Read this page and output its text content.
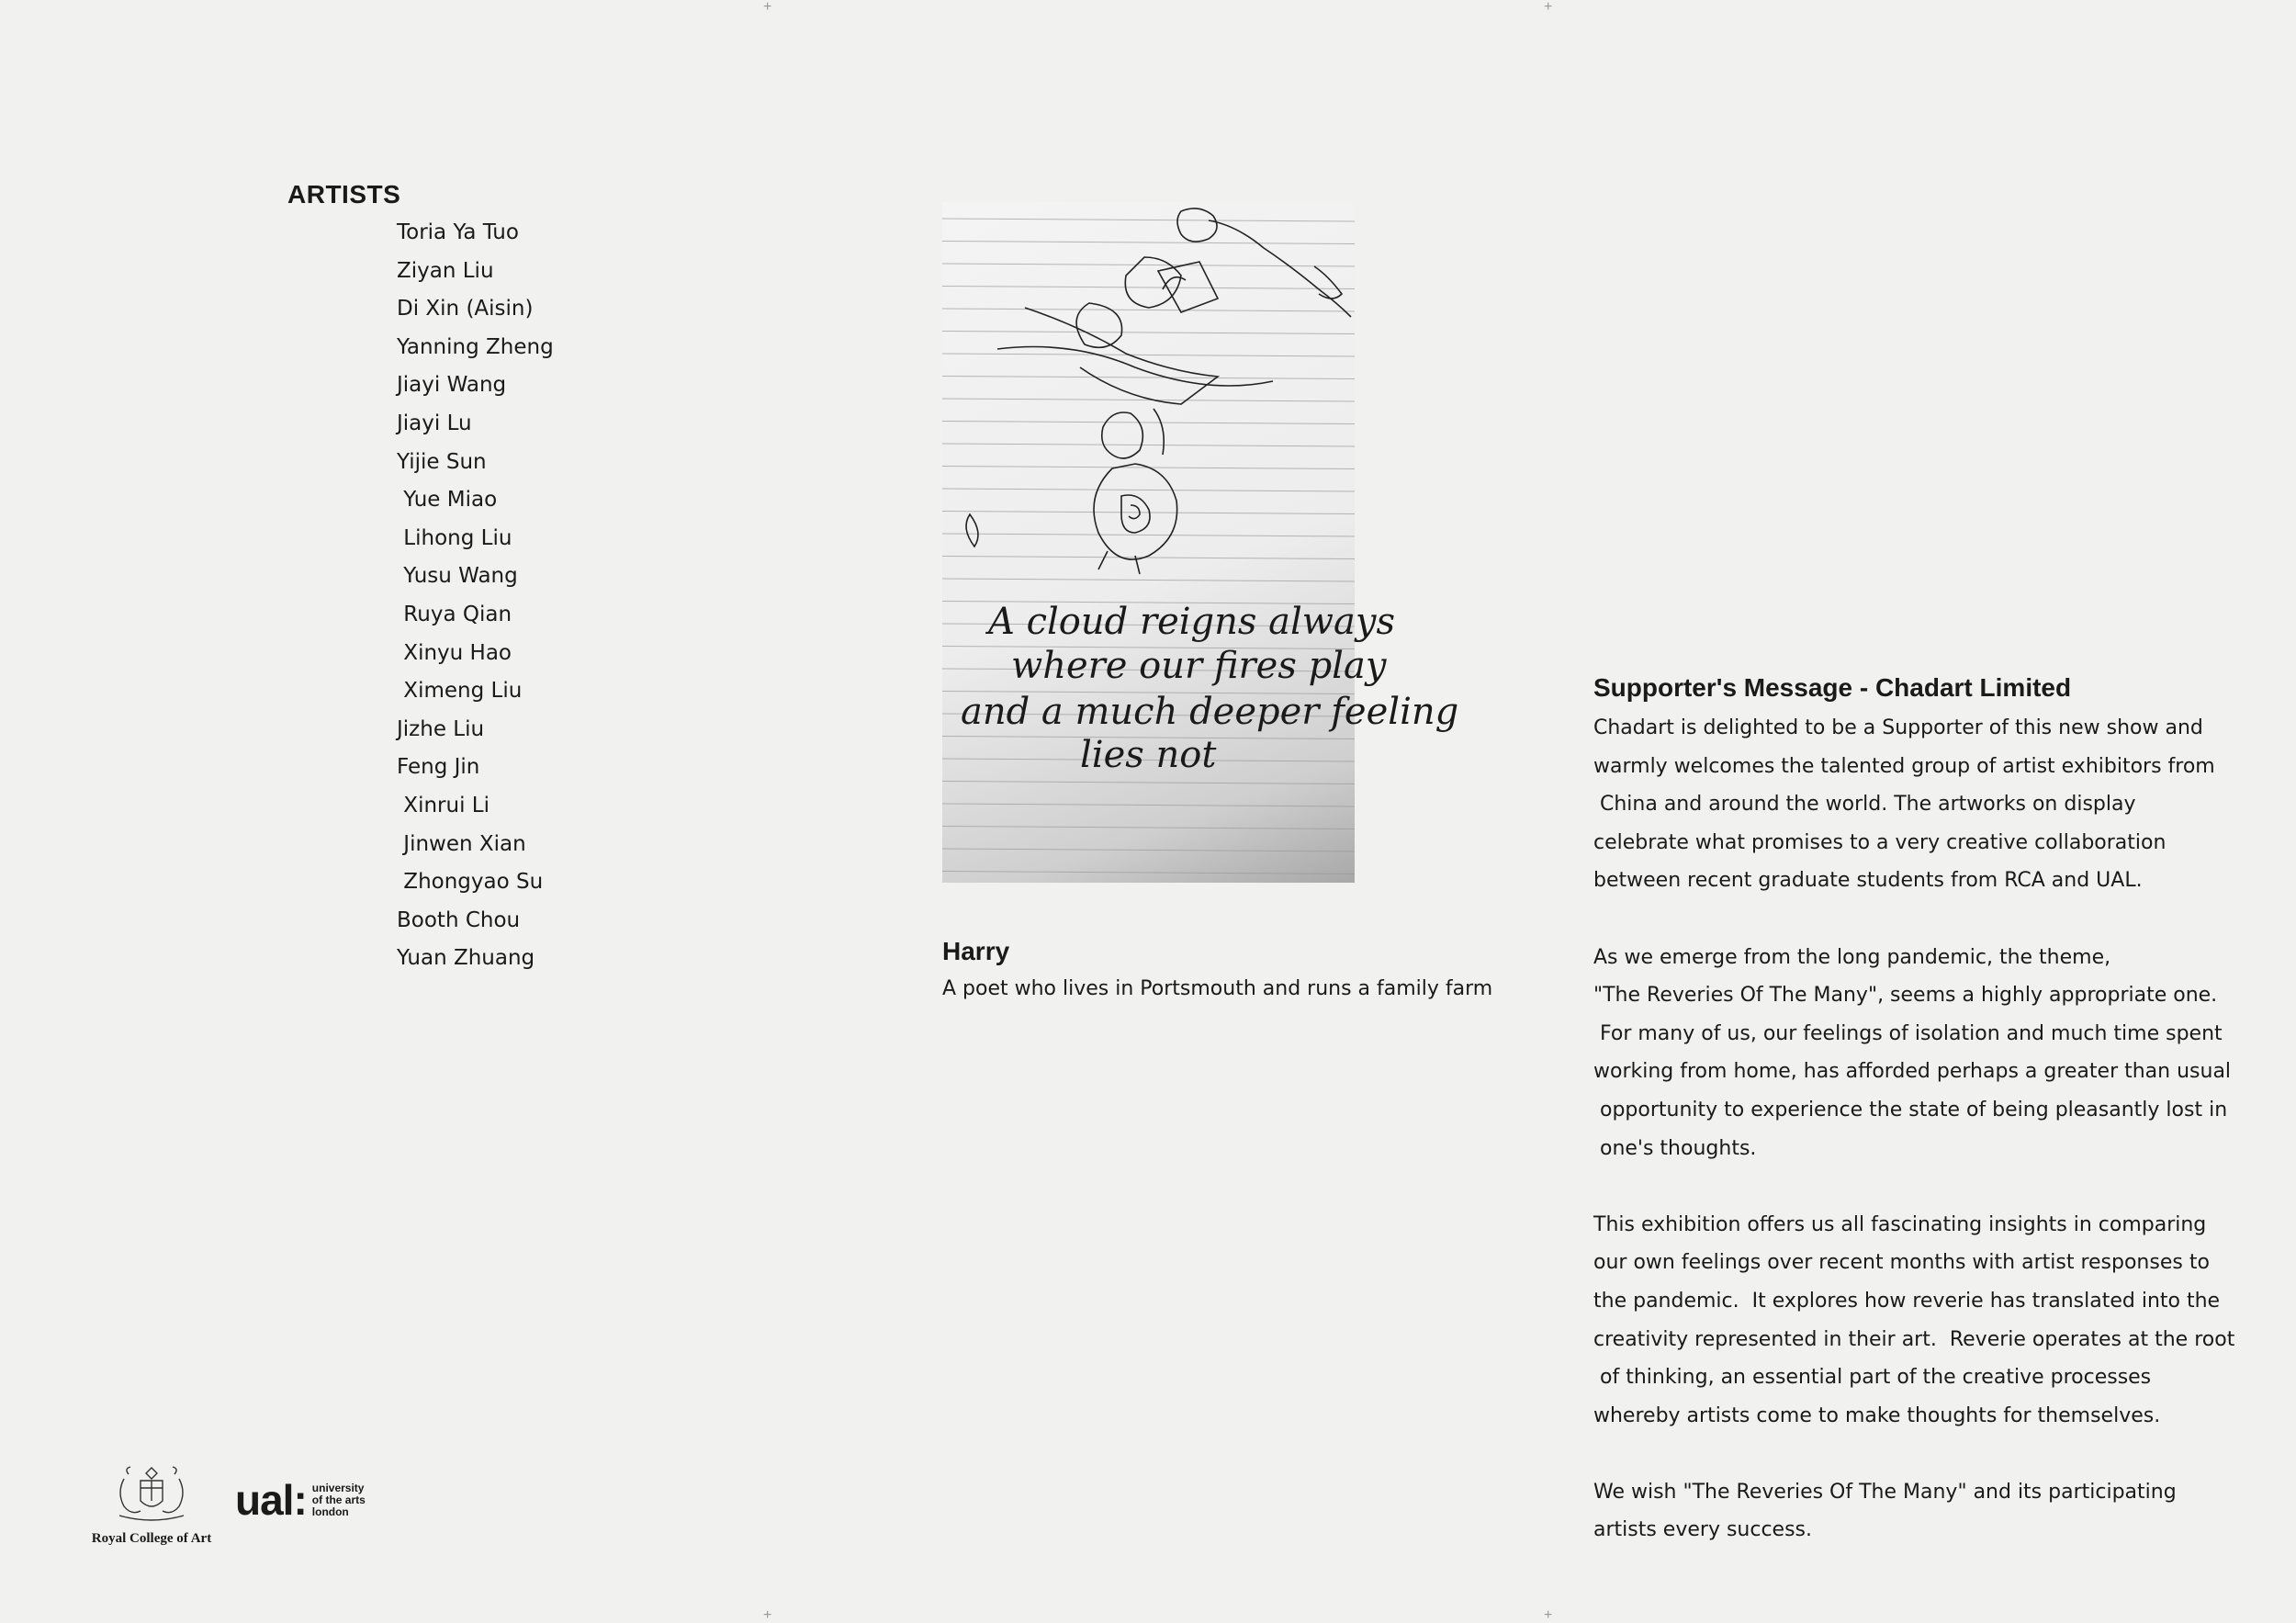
+	+
+	+
ARTISTS
Toria Ya Tuo
Ziyan Liu
Di Xin (Aisin)
Yanning Zheng
Jiayi Wang
Jiayi Lu
Yijie Sun
Yue Miao
Lihong Liu
Yusu Wang
Ruya Qian
Xinyu Hao
Ximeng Liu
Jizhe Liu
Feng Jin
Xinrui Li
Jinwen Xian
Zhongyao Su
Booth Chou
Yuan Zhuang
A cloud reigns always
where our fires play
and a much deeper feeling
lies not
Harry

A poet who lives in Portsmouth and runs a family farm

Supporter's Message - Chadart Limited

Chadart is delighted to be a Supporter of this new show and
warmly welcomes the talented group of artist exhibitors from
China and around the world. The artworks on display
celebrate what promises to a very creative collaboration
between recent graduate students from RCA and UAL.

As we emerge from the long pandemic, the theme,
"The Reveries Of The Many", seems a highly appropriate one.
For many of us, our feelings of isolation and much time spent
working from home, has afforded perhaps a greater than usual
opportunity to experience the state of being pleasantly lost in
one's thoughts.

This exhibition offers us all fascinating insights in comparing
our own feelings over recent months with artist responses to
the pandemic.  It explores how reverie has translated into the
creativity represented in their art.  Reverie operates at the root
of thinking, an essential part of the creative processes
whereby artists come to make thoughts for themselves.

We wish "The Reveries Of The Many" and its participating
artists every success.

Royal College of Art
ual: university
of the arts
london
